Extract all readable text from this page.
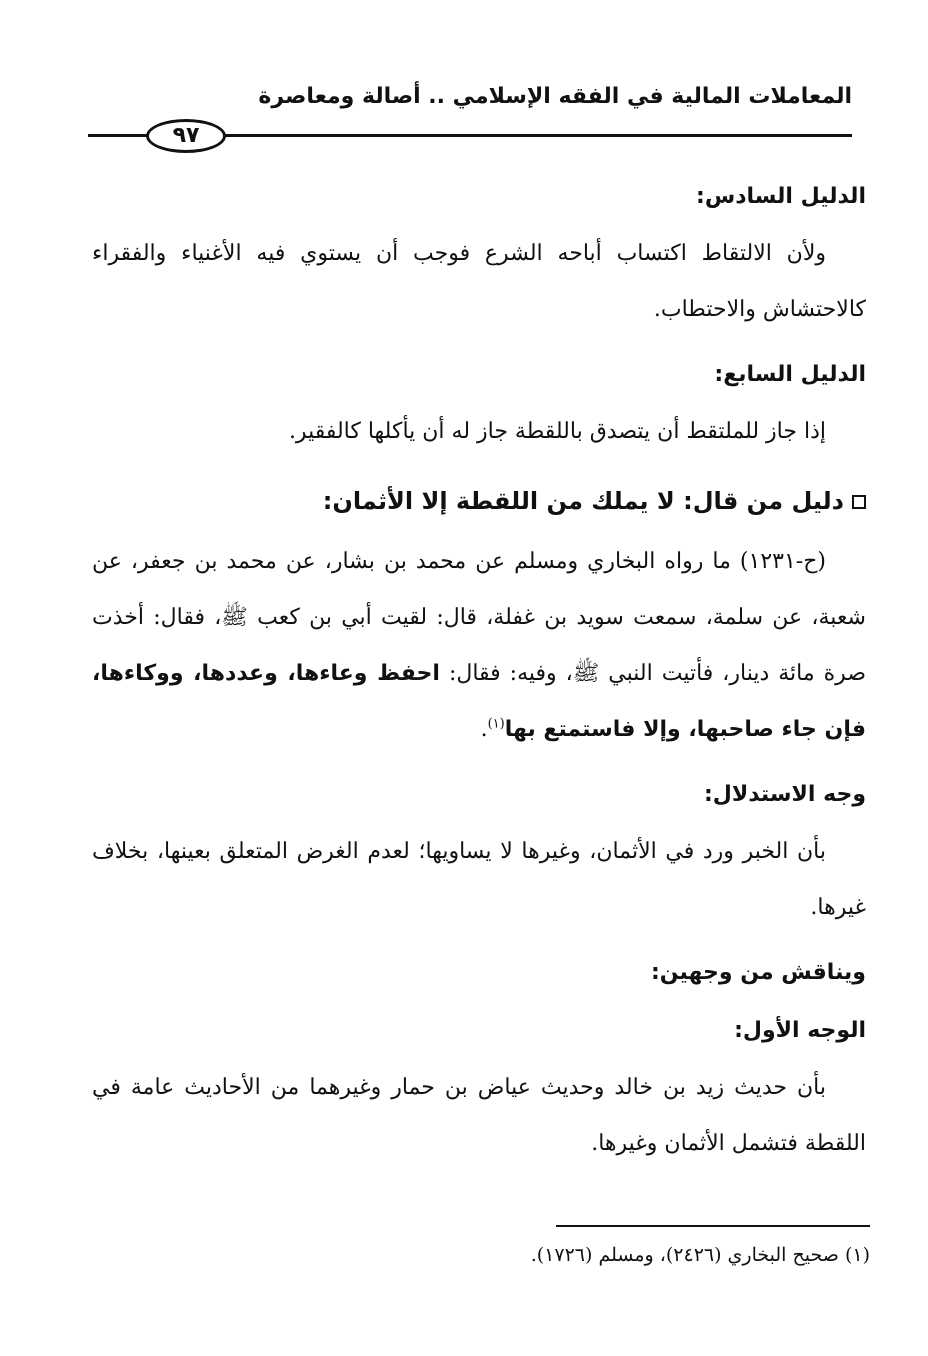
المعاملات المالية في الفقه الإسلامي .. أصالة ومعاصرة
٩٧

الدليل السادس:

ولأن الالتقاط اكتساب أباحه الشرع فوجب أن يستوي فيه الأغنياء والفقراء كالاحتشاش والاحتطاب.

الدليل السابع:

إذا جاز للملتقط أن يتصدق باللقطة جاز له أن يأكلها كالفقير.

دليل من قال: لا يملك من اللقطة إلا الأثمان:

(ح-١٢٣١) ما رواه البخاري ومسلم عن محمد بن بشار، عن محمد بن جعفر، عن شعبة، عن سلمة، سمعت سويد بن غفلة، قال: لقيت أبي بن كعب ﷺ، فقال: أخذت صرة مائة دينار، فأتيت النبي ﷺ، وفيه: فقال: احفظ وعاءها، وعددها، ووكاءها، فإن جاء صاحبها، وإلا فاستمتع بها$^{(١)}$.

وجه الاستدلال:

بأن الخبر ورد في الأثمان، وغيرها لا يساويها؛ لعدم الغرض المتعلق بعينها، بخلاف غيرها.

ويناقش من وجهين:

الوجه الأول:

بأن حديث زيد بن خالد وحديث عياض بن حمار وغيرهما من الأحاديث عامة في اللقطة فتشمل الأثمان وغيرها.

(١) صحيح البخاري (٢٤٢٦)، ومسلم (١٧٢٦).
